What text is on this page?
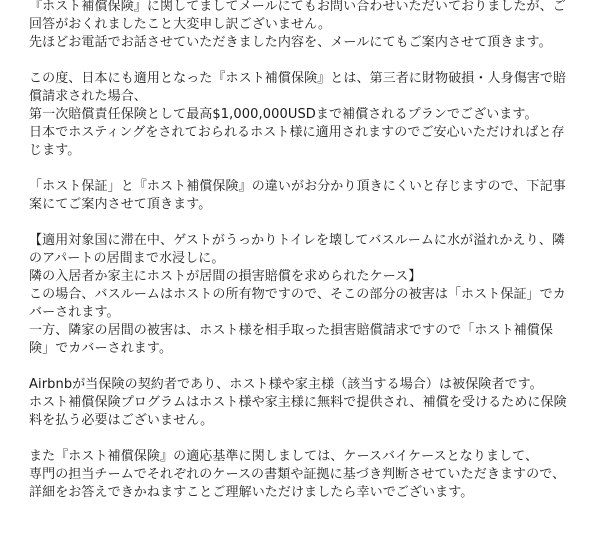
『ホスト補償保険』に関してましてメールにてもお問い合わせいただいておりましたが、ご回答がおくれましたこと大変申し訳ございません。
先ほどお電話でお話させていただきました内容を、メールにてもご案内させて頂きます。
この度、日本にも適用となった『ホスト補償保険』とは、第三者に財物破損・人身傷害で賠償請求された場合、
第一次賠償責任保険として最高$1,000,000USDまで補償されるプランでございます。
日本でホスティングをされておられるホスト様に適用されますのでご安心いただければと存じます。
「ホスト保証」と『ホスト補償保険』の違いがお分かり頂きにくいと存じますので、下記事案にてご案内させて頂きます。
【適用対象国に滞在中、ゲストがうっかりトイレを壊してバスルームに水が溢れかえり、隣のアパートの居間まで水浸しに。
隣の入居者か家主にホストが居間の損害賠償を求められたケース】
この場合、バスルームはホストの所有物ですので、そこの部分の被害は「ホスト保証」でカバーされます。
一方、隣家の居間の被害は、ホスト様を相手取った損害賠償請求ですので「ホスト補償保険」でカバーされます。
Airbnbが当保険の契約者であり、ホスト様や家主様（該当する場合）は被保険者です。
ホスト補償保険プログラムはホスト様や家主様に無料で提供され、補償を受けるために保険料を払う必要はございません。
また『ホスト補償保険』の適応基準に関しましては、ケースバイケースとなりまして、
専門の担当チームでそれぞれのケースの書類や証拠に基づき判断させていただきますので、詳細をお答えできかねますことご理解いただけましたら幸いでございます。
